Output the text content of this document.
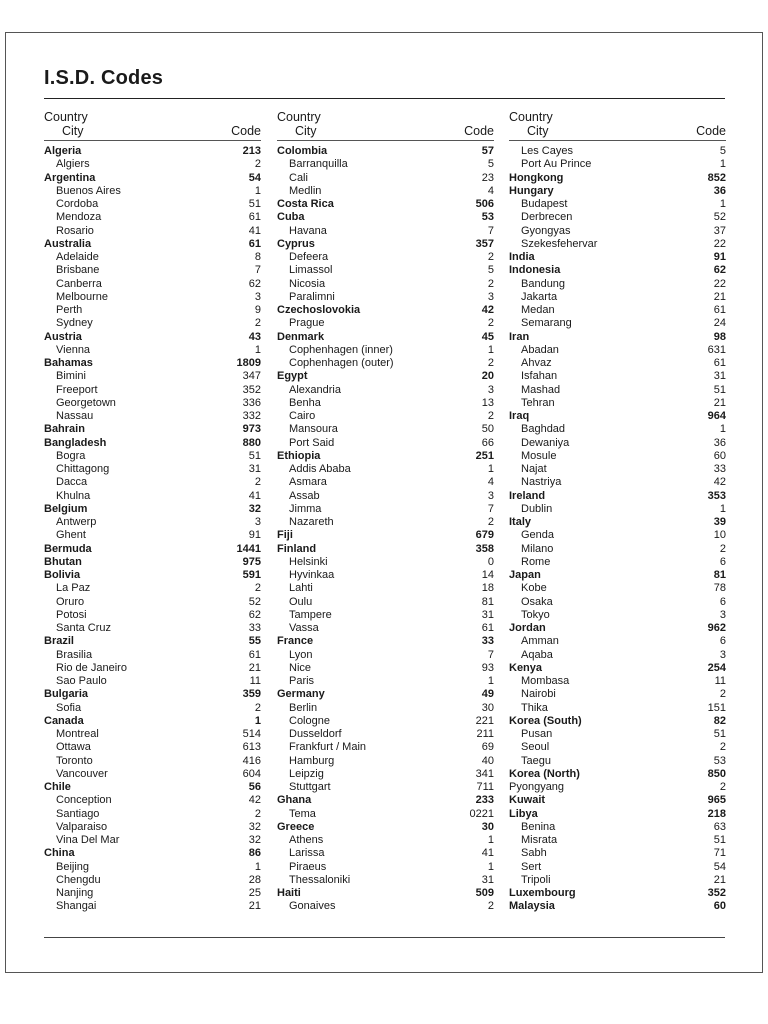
I.S.D. Codes
Country
City	Code
Algeria	213
Algiers	2
Argentina	54
Buenos Aires	1
Cordoba	51
Mendoza	61
Rosario	41
Australia	61
Adelaide	8
Brisbane	7
Canberra	62
Melbourne	3
Perth	9
Sydney	2
Austria	43
Vienna	1
Bahamas	1809
Bimini	347
Freeport	352
Georgetown	336
Nassau	332
Bahrain	973
Bangladesh	880
Bogra	51
Chittagong	31
Dacca	2
Khulna	41
Belgium	32
Antwerp	3
Ghent	91
Bermuda	1441
Bhutan	975
Bolivia	591
La Paz	2
Oruro	52
Potosi	62
Santa Cruz	33
Brazil	55
Brasilia	61
Rio de Janeiro	21
Sao Paulo	11
Bulgaria	359
Sofia	2
Canada	1
Montreal	514
Ottawa	613
Toronto	416
Vancouver	604
Chile	56
Conception	42
Santiago	2
Valparaiso	32
Vina Del Mar	32
China	86
Beijing	1
Chengdu	28
Nanjing	25
Shangai	21
Country
City	Code
Colombia	57
Barranquilla	5
Cali	23
Medlin	4
Costa Rica	506
Cuba	53
Havana	7
Cyprus	357
Defeera	2
Limassol	5
Nicosia	2
Paralimni	3
Czechoslovokia	42
Prague	2
Denmark	45
Cophenhagen (inner)	1
Cophenhagen (outer)	2
Egypt	20
Alexandria	3
Benha	13
Cairo	2
Mansoura	50
Port Said	66
Ethiopia	251
Addis Ababa	1
Asmara	4
Assab	3
Jimma	7
Nazareth	2
Fiji	679
Finland	358
Helsinki	0
Hyvinkaa	14
Lahti	18
Oulu	81
Tampere	31
Vassa	61
France	33
Lyon	7
Nice	93
Paris	1
Germany	49
Berlin	30
Cologne	221
Dusseldorf	211
Frankfurt / Main	69
Hamburg	40
Leipzig	341
Stuttgart	711
Ghana	233
Tema	0221
Greece	30
Athens	1
Larissa	41
Piraeus	1
Thessaloniki	31
Haiti	509
Gonaives	2
Country
City	Code
Les Cayes	5
Port Au Prince	1
Hongkong	852
Hungary	36
Budapest	1
Derbrecen	52
Gyongyas	37
Szekesfehervar	22
India	91
Indonesia	62
Bandung	22
Jakarta	21
Medan	61
Semarang	24
Iran	98
Abadan	631
Ahvaz	61
Isfahan	31
Mashad	51
Tehran	21
Iraq	964
Baghdad	1
Dewaniya	36
Mosule	60
Najat	33
Nastriya	42
Ireland	353
Dublin	1
Italy	39
Genda	10
Milano	2
Rome	6
Japan	81
Kobe	78
Osaka	6
Tokyo	3
Jordan	962
Amman	6
Aqaba	3
Kenya	254
Mombasa	11
Nairobi	2
Thika	151
Korea (South)	82
Pusan	51
Seoul	2
Taegu	53
Korea (North)	850
Pyongyang	2
Kuwait	965
Libya	218
Benina	63
Misrata	51
Sabh	71
Sert	54
Tripoli	21
Luxembourg	352
Malaysia	60
